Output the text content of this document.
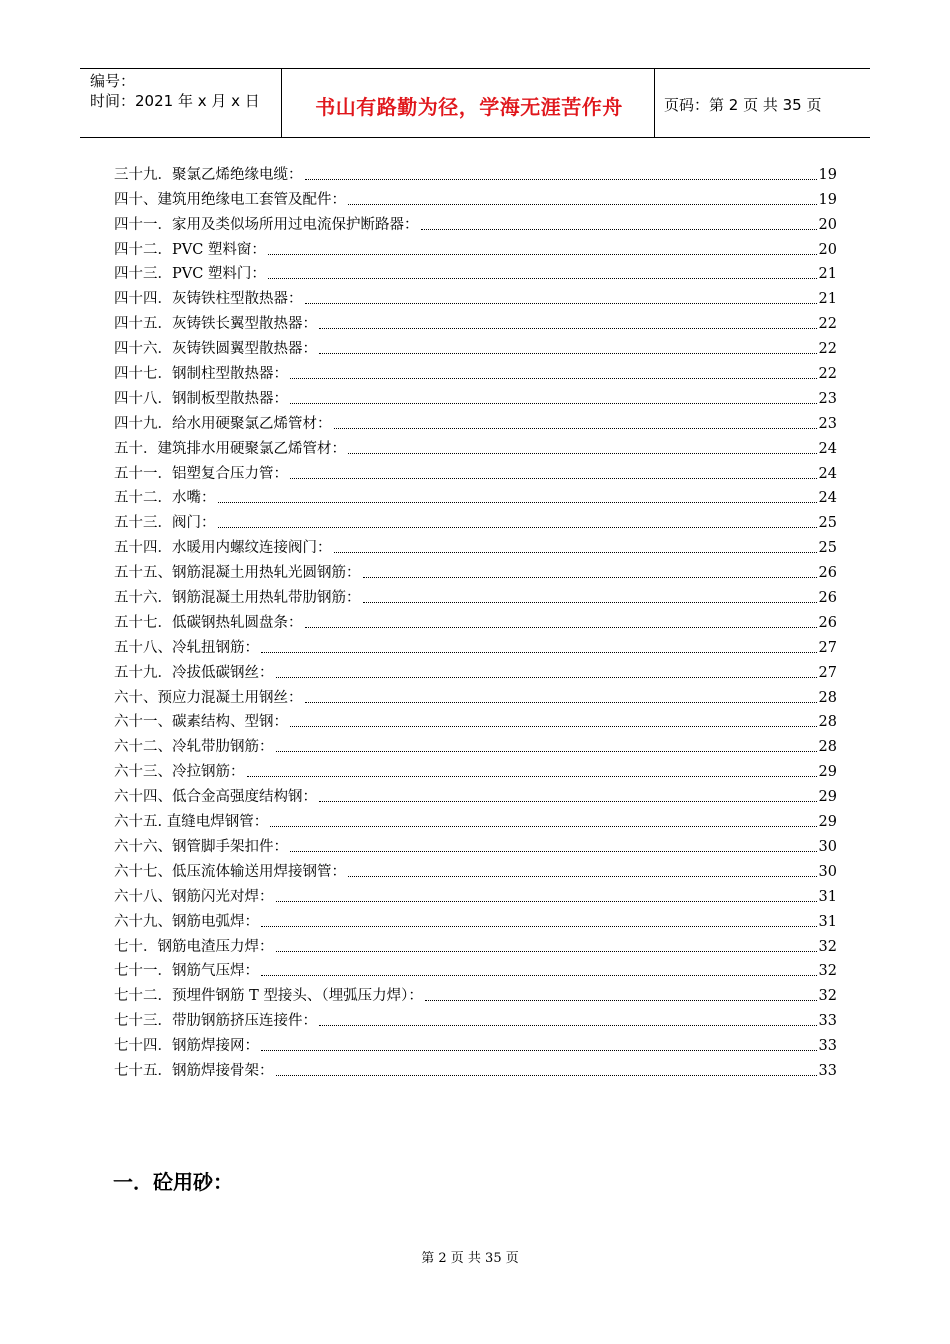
编号：
时间：2021 年 x 月 x 日	书山有路勤为径，学海无涯苦作舟	页码：第 2 页 共 35 页
三十九．聚氯乙烯绝缘电缆：	19
四十、建筑用绝缘电工套管及配件：	19
四十一．家用及类似场所用过电流保护断路器：	20
四十二．PVC 塑料窗：	20
四十三．PVC 塑料门：	21
四十四．灰铸铁柱型散热器：	21
四十五．灰铸铁长翼型散热器：	22
四十六．灰铸铁圆翼型散热器：	22
四十七．钢制柱型散热器：	22
四十八．钢制板型散热器：	23
四十九．给水用硬聚氯乙烯管材：	23
五十．建筑排水用硬聚氯乙烯管材：	24
五十一．铝塑复合压力管：	24
五十二．水嘴：	24
五十三．阀门：	25
五十四．水暖用内螺纹连接阀门：	25
五十五、钢筋混凝土用热轧光圆钢筋：	26
五十六．钢筋混凝土用热轧带肋钢筋：	26
五十七．低碳钢热轧圆盘条：	26
五十八、冷轧扭钢筋：	27
五十九．冷拔低碳钢丝：	27
六十、预应力混凝土用钢丝：	28
六十一、碳素结构、型钢：	28
六十二、冷轧带肋钢筋：	28
六十三、冷拉钢筋：	29
六十四、低合金高强度结构钢：	29
六十五. 直缝电焊钢管：	29
六十六、钢管脚手架扣件：	30
六十七、低压流体输送用焊接钢管：	30
六十八、钢筋闪光对焊：	31
六十九、钢筋电弧焊：	31
七十．钢筋电渣压力焊：	32
七十一．钢筋气压焊：	32
七十二．预埋件钢筋 T 型接头、（埋弧压力焊）：	32
七十三．带肋钢筋挤压连接件：	33
七十四．钢筋焊接网：	33
七十五．钢筋焊接骨架：	33
一．砼用砂：
第 2 页 共 35 页
